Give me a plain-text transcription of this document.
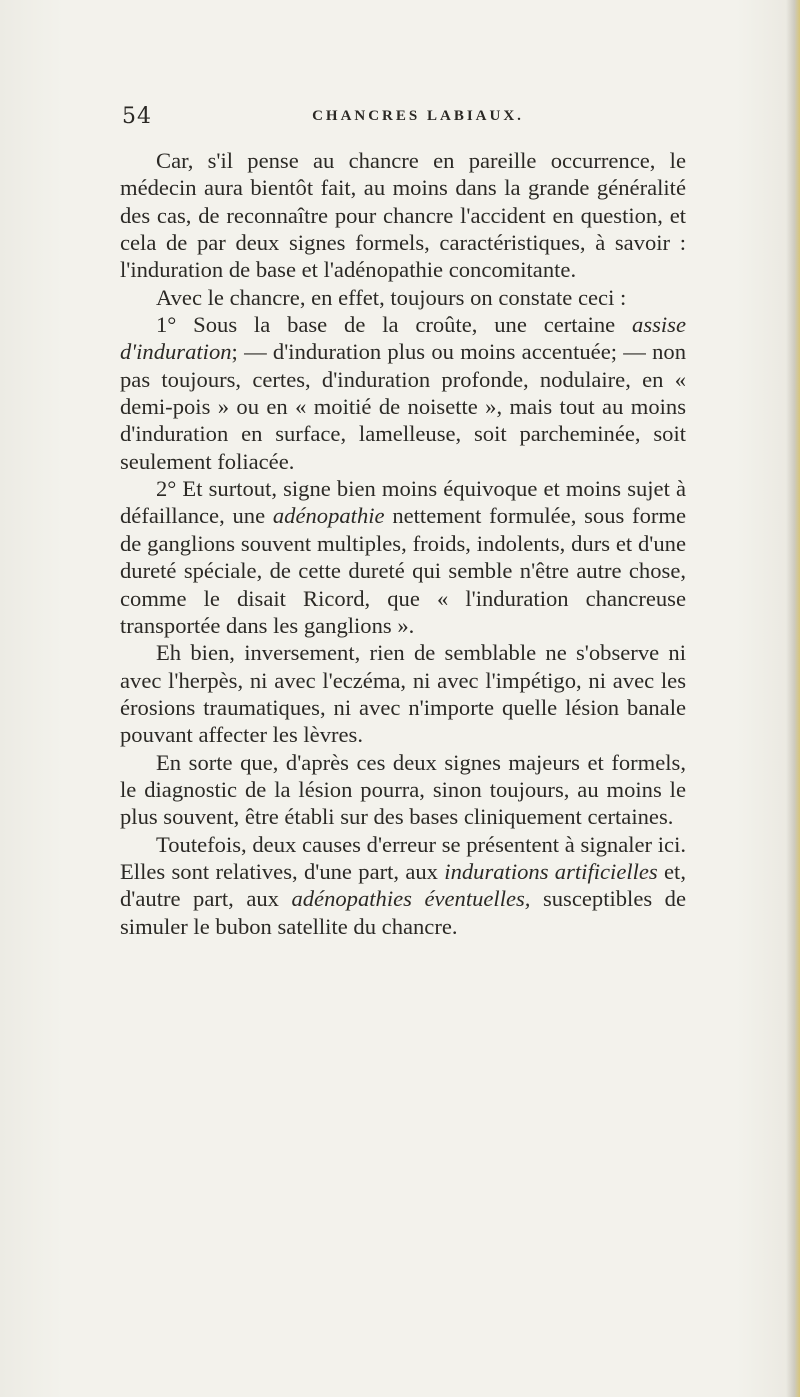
54	CHANCRES LABIAUX.

Car, s'il pense au chancre en pareille occurrence, le médecin aura bientôt fait, au moins dans la grande généralité des cas, de reconnaître pour chancre l'accident en question, et cela de par deux signes formels, caractéristiques, à savoir : l'induration de base et l'adénopathie concomitante.

Avec le chancre, en effet, toujours on constate ceci :

1° Sous la base de la croûte, une certaine assise d'induration; — d'induration plus ou moins accentuée; — non pas toujours, certes, d'induration profonde, nodulaire, en « demi-pois » ou en « moitié de noisette », mais tout au moins d'induration en surface, lamelleuse, soit parcheminée, soit seulement foliacée.

2° Et surtout, signe bien moins équivoque et moins sujet à défaillance, une adénopathie nettement formulée, sous forme de ganglions souvent multiples, froids, indolents, durs et d'une dureté spéciale, de cette dureté qui semble n'être autre chose, comme le disait Ricord, que « l'induration chancreuse transportée dans les ganglions ».

Eh bien, inversement, rien de semblable ne s'observe ni avec l'herpès, ni avec l'eczéma, ni avec l'impétigo, ni avec les érosions traumatiques, ni avec n'importe quelle lésion banale pouvant affecter les lèvres.

En sorte que, d'après ces deux signes majeurs et formels, le diagnostic de la lésion pourra, sinon toujours, au moins le plus souvent, être établi sur des bases cliniquement certaines.

Toutefois, deux causes d'erreur se présentent à signaler ici. Elles sont relatives, d'une part, aux indurations artificielles et, d'autre part, aux adénopathies éventuelles, susceptibles de simuler le bubon satellite du chancre.
